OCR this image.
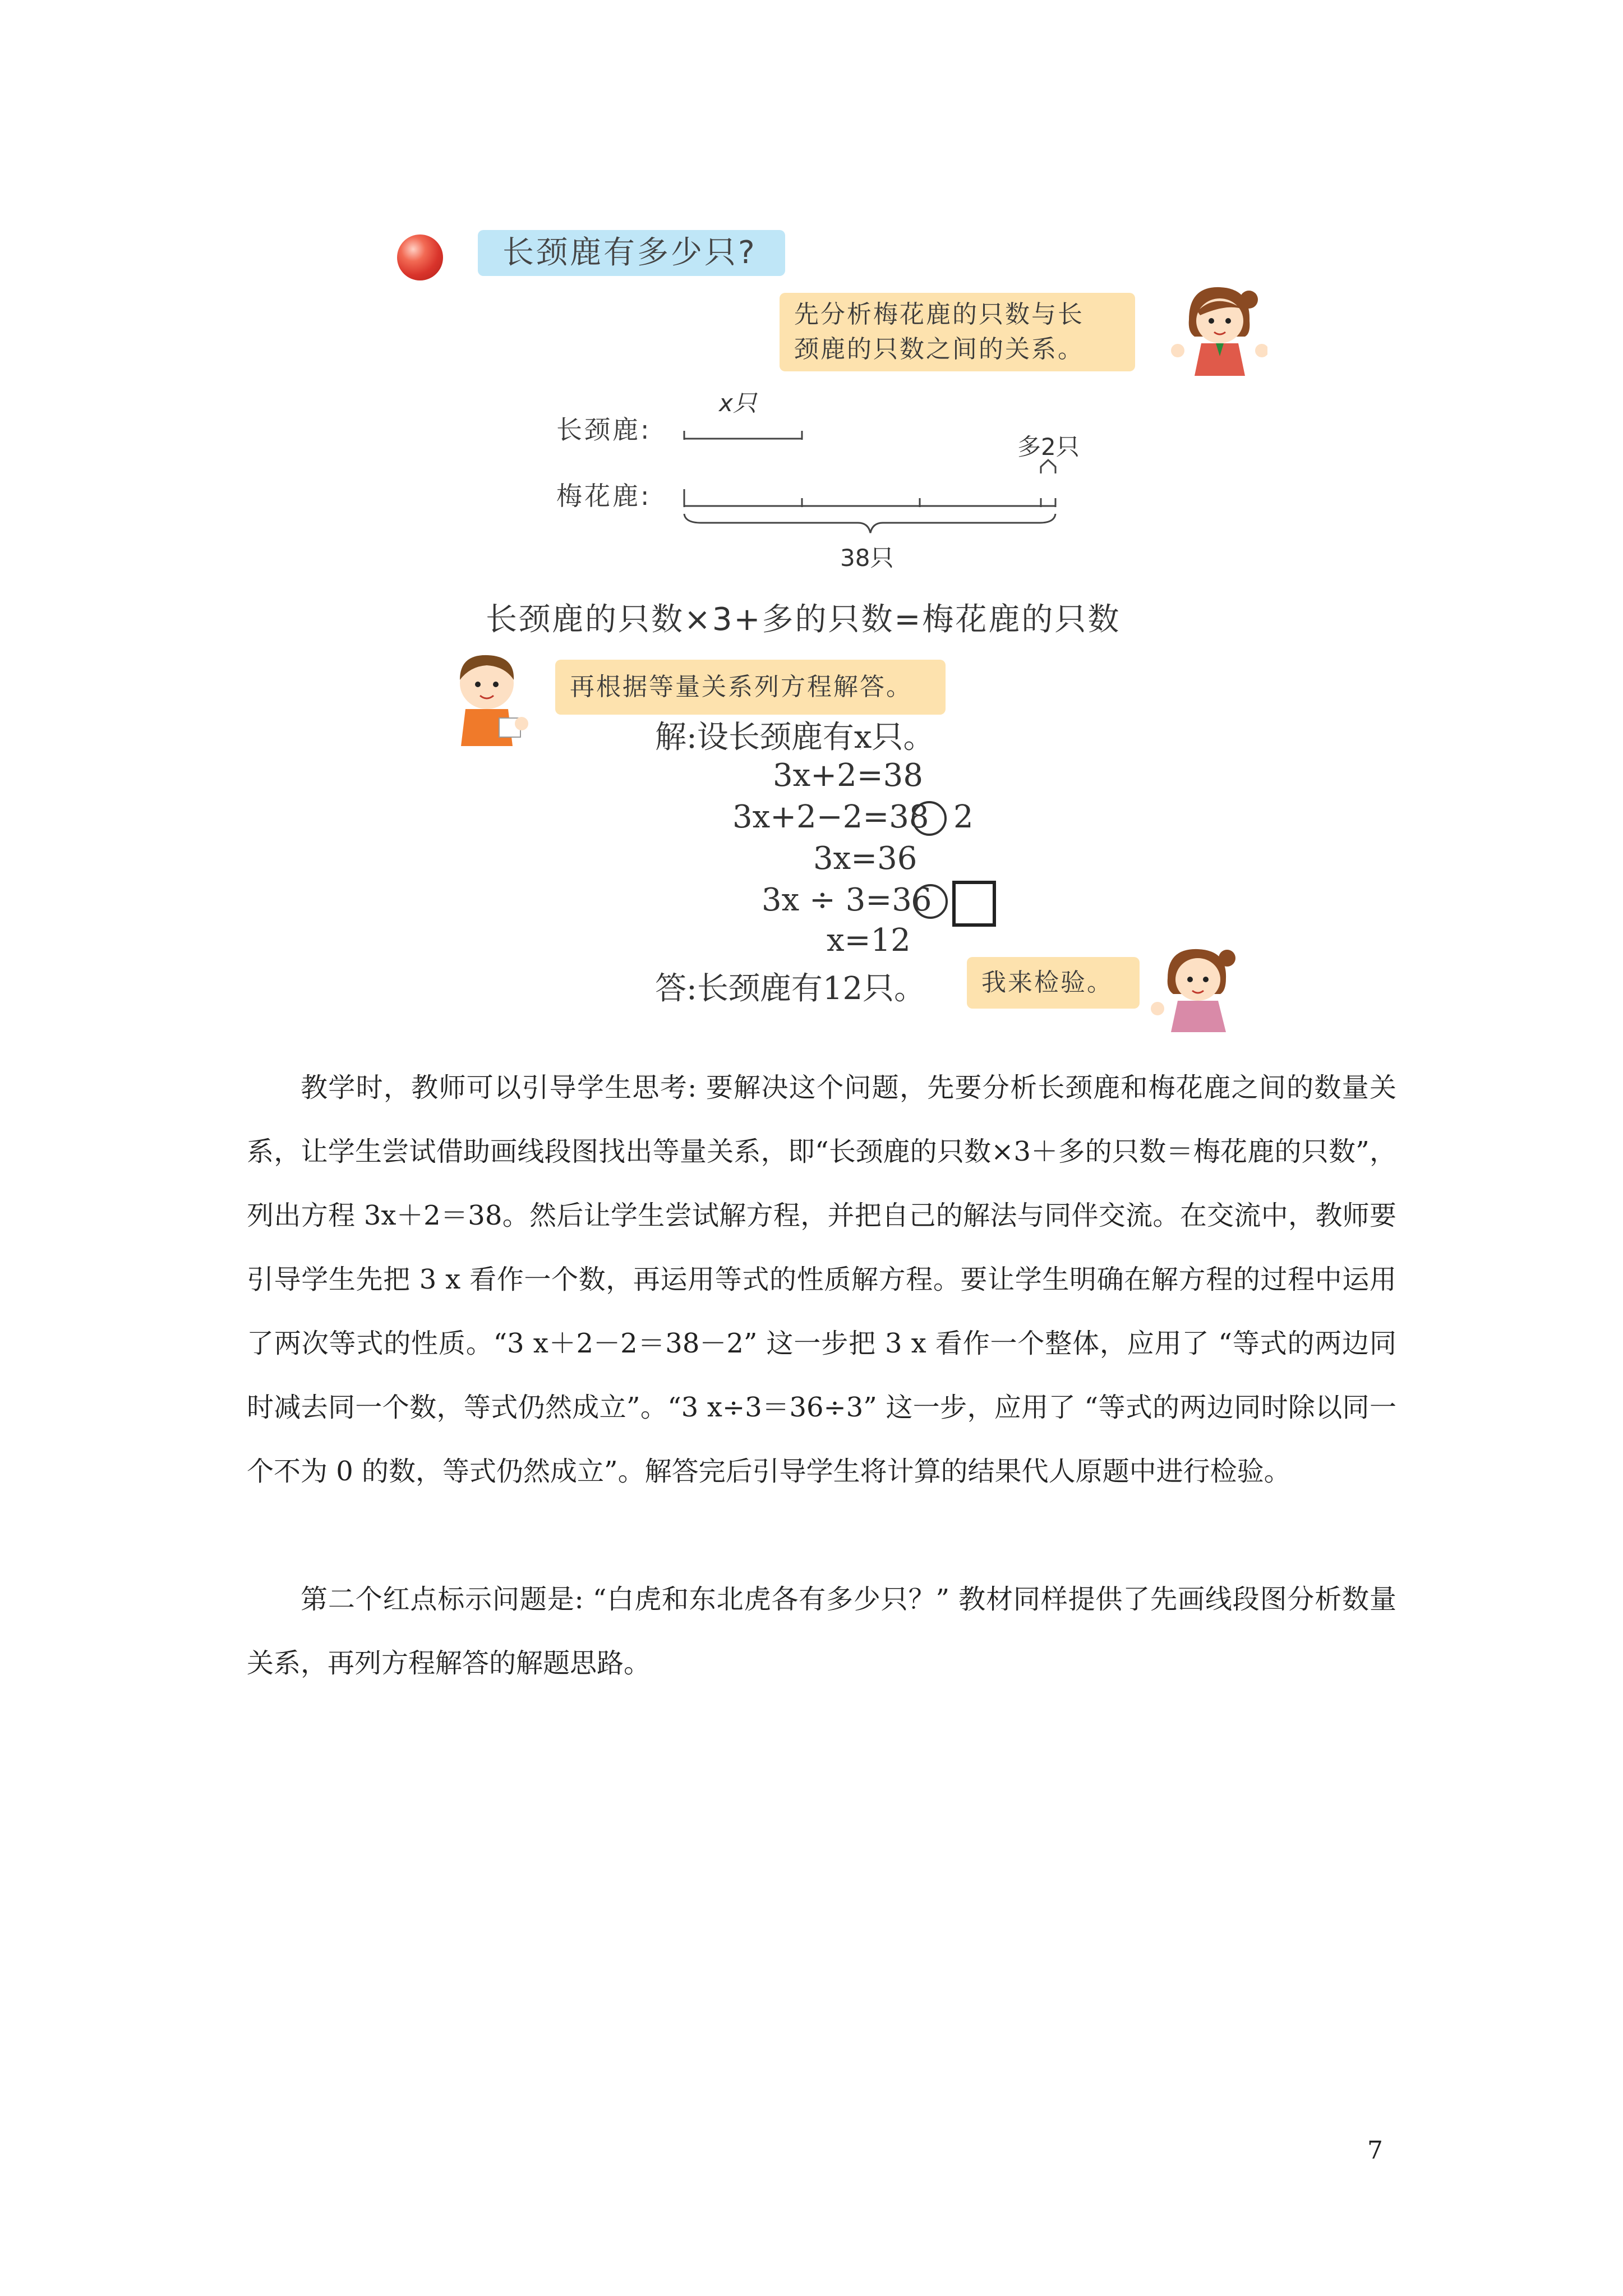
长颈鹿有多少只?
先分析梅花鹿的只数与长
颈鹿的只数之间的关系。
长颈鹿:
梅花鹿:
x只
多2只
38只
长颈鹿的只数×3+多的只数=梅花鹿的只数
再根据等量关系列方程解答。
解:设长颈鹿有x只。
3x+2=38
3x+2−2=38 2
3x=36
3x ÷ 3=36
x=12
答:长颈鹿有12只。	我来检验。

教学时，教师可以引导学生思考: 要解决这个问题，先要分析长颈鹿和梅花鹿之间的数量关系，让学生尝试借助画线段图找出等量关系，即“长颈鹿的只数×3＋多的只数＝梅花鹿的只数”，列出方程 3x＋2＝38。然后让学生尝试解方程，并把自己的解法与同伴交流。在交流中，教师要引导学生先把 3 x 看作一个数，再运用等式的性质解方程。要让学生明确在解方程的过程中运用了两次等式的性质。“3 x＋2－2＝38－2” 这一步把 3 x 看作一个整体，应用了 “等式的两边同时减去同一个数，等式仍然成立”。“3 x÷3＝36÷3” 这一步，应用了 “等式的两边同时除以同一个不为 0 的数，等式仍然成立”。解答完后引导学生将计算的结果代人原题中进行检验。

第二个红点标示问题是: “白虎和东北虎各有多少只？” 教材同样提供了先画线段图分析数量关系，再列方程解答的解题思路。

7
